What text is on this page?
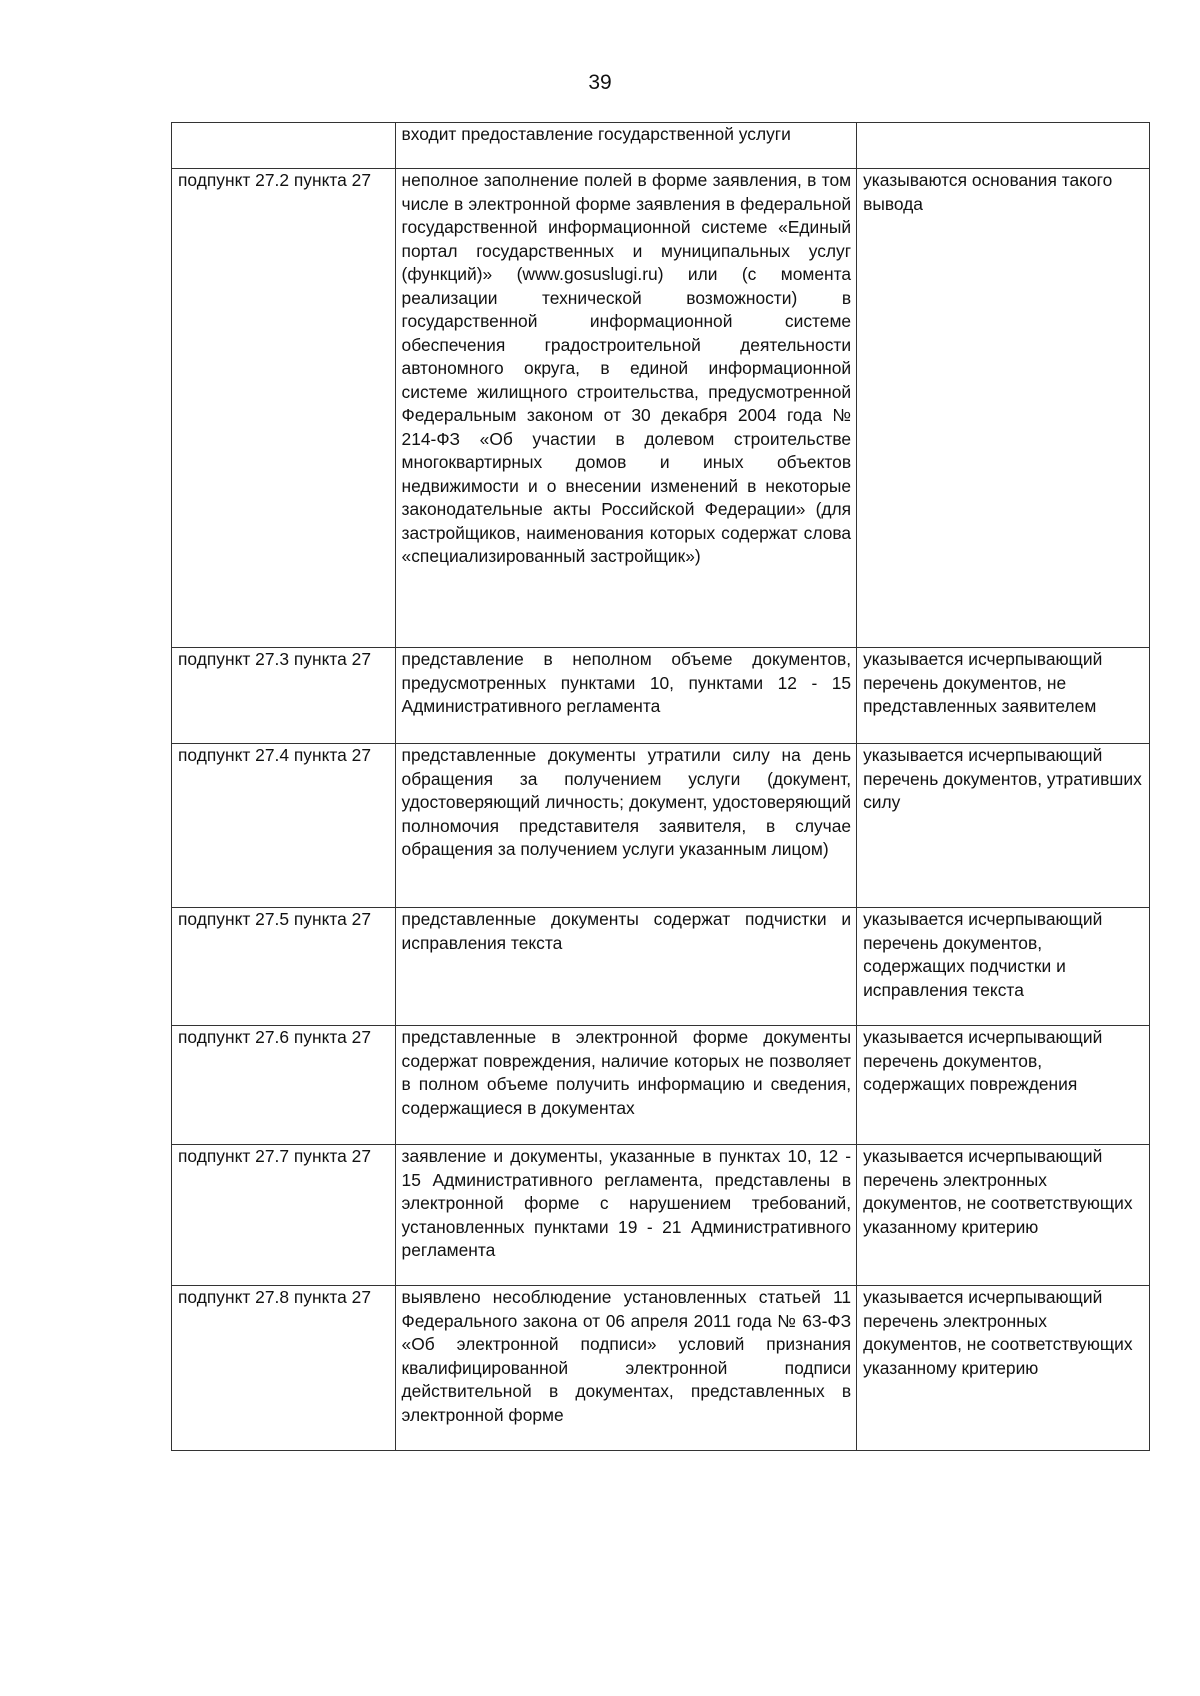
39
	входит предоставление государственной услуги	
подпункт 27.2 пункта 27	неполное заполнение полей в форме заявления, в том числе в электронной форме заявления в федеральной государственной информационной системе «Единый портал государственных и муниципальных услуг (функций)» (www.gosuslugi.ru) или (с момента реализации технической возможности) в государственной информационной системе обеспечения градостроительной деятельности автономного округа, в единой информационной системе жилищного строительства, предусмотренной Федеральным законом от 30 декабря 2004 года № 214-ФЗ «Об участии в долевом строительстве многоквартирных домов и иных объектов недвижимости и о внесении изменений в некоторые законодательные акты Российской Федерации» (для застройщиков, наименования которых содержат слова «специализированный застройщик»)	указываются основания такого вывода
подпункт 27.3 пункта 27	представление в неполном объеме документов, предусмотренных пунктами 10, пунктами 12 - 15 Административного регламента	указывается исчерпывающий перечень документов, не представленных заявителем
подпункт 27.4 пункта 27	представленные документы утратили силу на день обращения за получением услуги (документ, удостоверяющий личность; документ, удостоверяющий полномочия представителя заявителя, в случае обращения за получением услуги указанным лицом)	указывается исчерпывающий перечень документов, утративших силу
подпункт 27.5 пункта 27	представленные документы содержат подчистки и исправления текста	указывается исчерпывающий перечень документов, содержащих подчистки и исправления текста
подпункт 27.6 пункта 27	представленные в электронной форме документы содержат повреждения, наличие которых не позволяет в полном объеме получить информацию и сведения, содержащиеся в документах	указывается исчерпывающий перечень документов, содержащих повреждения
подпункт 27.7 пункта 27	заявление и документы, указанные в пунктах 10, 12 - 15 Административного регламента, представлены в электронной форме с нарушением требований, установленных пунктами 19 - 21 Административного регламента	указывается исчерпывающий перечень электронных документов, не соответствующих указанному критерию
подпункт 27.8 пункта 27	выявлено несоблюдение установленных статьей 11 Федерального закона от 06 апреля 2011 года № 63-ФЗ «Об электронной подписи» условий признания квалифицированной электронной подписи действительной в документах, представленных в электронной форме	указывается исчерпывающий перечень электронных документов, не соответствующих указанному критерию
